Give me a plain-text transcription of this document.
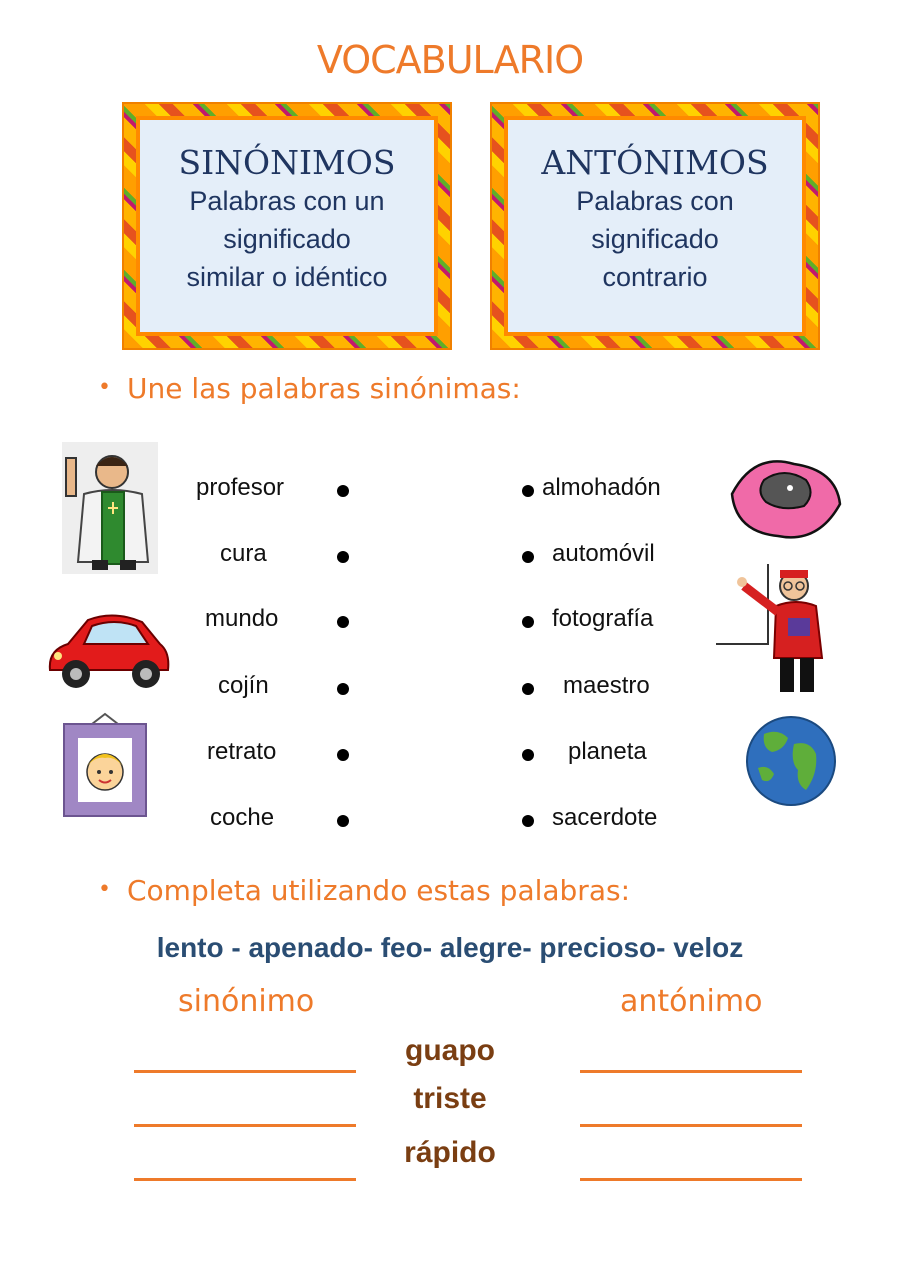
VOCABULARIO
SINÓNIMOS
Palabras con un
significado
similar o idéntico
ANTÓNIMOS
Palabras con
significado
contrario
• Une las palabras sinónimas:
profesor
cura
mundo
cojín
retrato
coche
almohadón
automóvil
fotografía
maestro
planeta
sacerdote
• Completa utilizando estas palabras:
lento - apenado- feo- alegre- precioso- veloz
sinónimo	antónimo
guapo
triste
rápido
